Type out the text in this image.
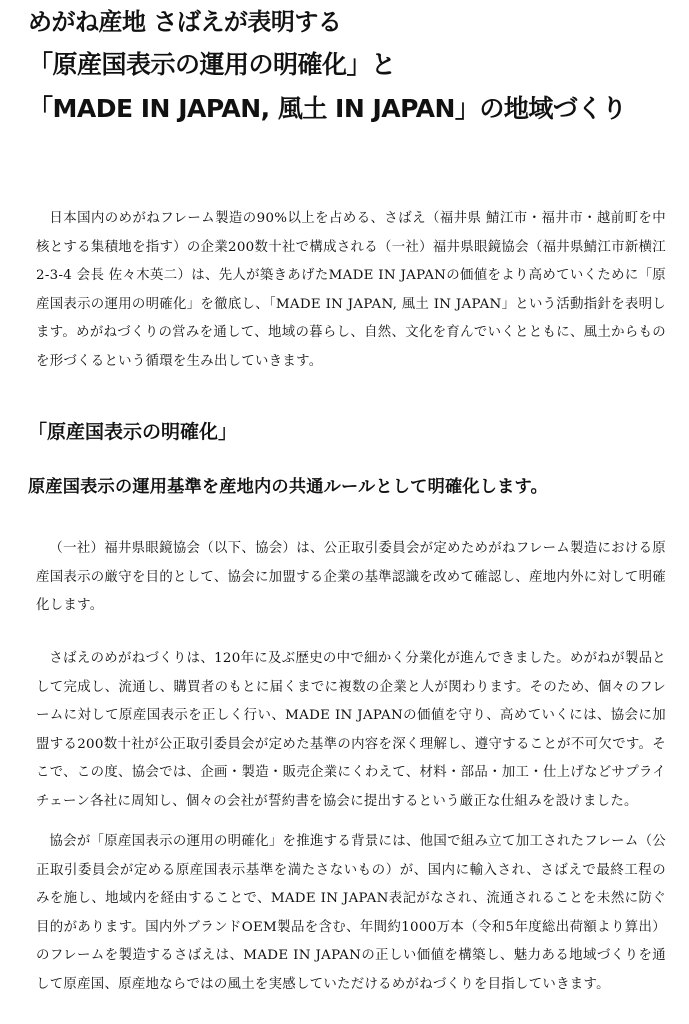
めがね産地 さばえが表明する
「原産国表示の運用の明確化」と
「MADE IN JAPAN, 風土 IN JAPAN」の地域づくり

日本国内のめがねフレーム製造の90%以上を占める、さばえ（福井県 鯖江市・福井市・越前町を中核とする集積地を指す）の企業200数十社で構成される（一社）福井県眼鏡協会（福井県鯖江市新横江2-3-4 会長 佐々木英二）は、先人が築きあげたMADE IN JAPANの価値をより高めていくために「原産国表示の運用の明確化」を徹底し、「MADE IN JAPAN, 風土 IN JAPAN」という活動指針を表明します。めがねづくりの営みを通して、地域の暮らし、自然、文化を育んでいくとともに、風土からものを形づくるという循環を生み出していきます。

「原産国表示の明確化」

原産国表示の運用基準を産地内の共通ルールとして明確化します。

（一社）福井県眼鏡協会（以下、協会）は、公正取引委員会が定めためがねフレーム製造における原産国表示の厳守を目的として、協会に加盟する企業の基準認識を改めて確認し、産地内外に対して明確化します。

さばえのめがねづくりは、120年に及ぶ歴史の中で細かく分業化が進んできました。めがねが製品として完成し、流通し、購買者のもとに届くまでに複数の企業と人が関わります。そのため、個々のフレームに対して原産国表示を正しく行い、MADE IN JAPANの価値を守り、高めていくには、協会に加盟する200数十社が公正取引委員会が定めた基準の内容を深く理解し、遵守することが不可欠です。そこで、この度、協会では、企画・製造・販売企業にくわえて、材料・部品・加工・仕上げなどサプライチェーン各社に周知し、個々の会社が誓約書を協会に提出するという厳正な仕組みを設けました。

協会が「原産国表示の運用の明確化」を推進する背景には、他国で組み立て加工されたフレーム（公正取引委員会が定める原産国表示基準を満たさないもの）が、国内に輸入され、さばえで最終工程のみを施し、地域内を経由することで、MADE IN JAPAN表記がなされ、流通されることを未然に防ぐ目的があります。国内外ブランドOEM製品を含む、年間約1000万本（令和5年度総出荷額より算出）のフレームを製造するさばえは、MADE IN JAPANの正しい価値を構築し、魅力ある地域づくりを通して原産国、原産地ならではの風土を実感していただけるめがねづくりを目指していきます。
